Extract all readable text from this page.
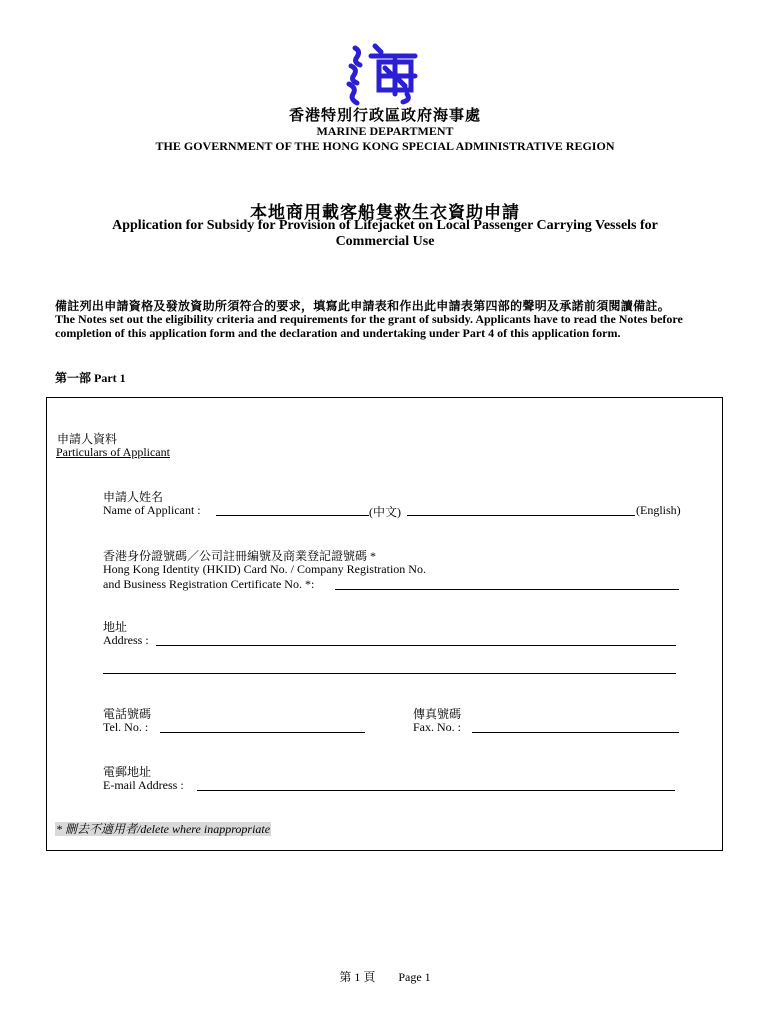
香港特別行政區政府海事處
MARINE DEPARTMENT
THE GOVERNMENT OF THE HONG KONG SPECIAL ADMINISTRATIVE REGION
本地商用載客船隻救生衣資助申請
Application for Subsidy for Provision of Lifejacket on Local Passenger Carrying Vessels for
Commercial Use
備註列出申請資格及發放資助所須符合的要求，填寫此申請表和作出此申請表第四部的聲明及承諾前須閱讀備註。
The Notes set out the eligibility criteria and requirements for the grant of subsidy. Applicants have to read the Notes before completion of this application form and the declaration and undertaking under Part 4 of this application form.
第一部 Part 1
申請人資料
Particulars of Applicant
申請人姓名
Name of Applicant :	(中文)	(English)
香港身份證號碼／公司註冊編號及商業登記證號碼 *
Hong Kong Identity (HKID) Card No. / Company Registration No.
and Business Registration Certificate No. *:
地址
Address :
電話號碼
Tel. No. :
傳真號碼
Fax. No. :
電郵地址
E-mail Address :
* 刪去不適用者/delete where inappropriate
第 1 頁 Page 1
